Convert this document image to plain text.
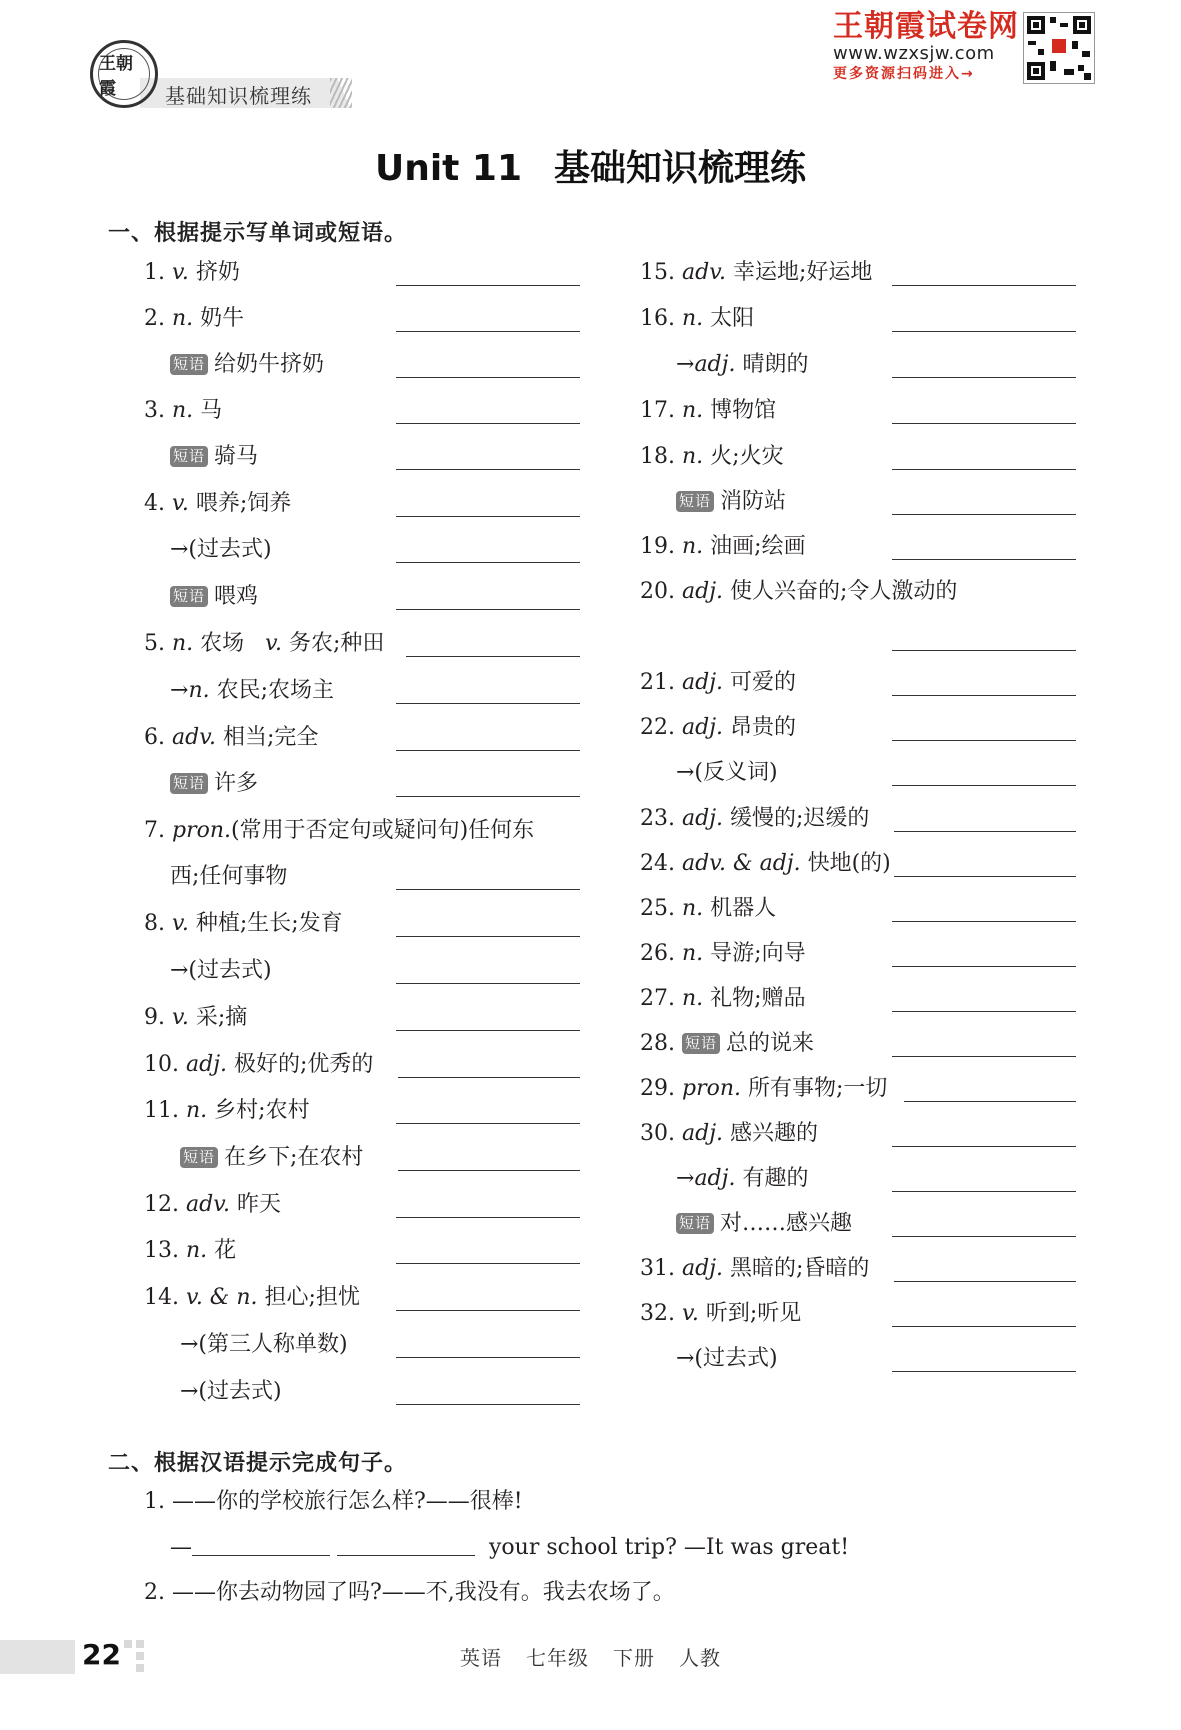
王朝霞	基础知识梳理练
王朝霞试卷网
www.wzxsjw.com
更多资源扫码进入→
Unit 11 基础知识梳理练
一、根据提示写单词或短语。
1. v. 挤奶
2. n. 奶牛
短语 给奶牛挤奶
3. n. 马
短语 骑马
4. v. 喂养;饲养
→(过去式)
短语 喂鸡
5. n. 农场 v. 务农;种田
→n. 农民;农场主
6. adv. 相当;完全
短语 许多
7. pron.(常用于否定句或疑问句)任何东
西;任何事物
8. v. 种植;生长;发育
→(过去式)
9. v. 采;摘
10. adj. 极好的;优秀的
11. n. 乡村;农村
短语 在乡下;在农村
12. adv. 昨天
13. n. 花
14. v. & n. 担心;担忧
→(第三人称单数)
→(过去式)
15. adv. 幸运地;好运地
16. n. 太阳
→adj. 晴朗的
17. n. 博物馆
18. n. 火;火灾
短语 消防站
19. n. 油画;绘画
20. adj. 使人兴奋的;令人激动的
21. adj. 可爱的
22. adj. 昂贵的
→(反义词)
23. adj. 缓慢的;迟缓的
24. adv. & adj. 快地(的)
25. n. 机器人
26. n. 导游;向导
27. n. 礼物;赠品
28. 短语 总的说来
29. pron. 所有事物;一切
30. adj. 感兴趣的
→adj. 有趣的
短语 对……感兴趣
31. adj. 黑暗的;昏暗的
32. v. 听到;听见
→(过去式)
二、根据汉语提示完成句子。
1. ——你的学校旅行怎么样?——很棒!
—	your school trip? —It was great!
2. ——你去动物园了吗?——不,我没有。我去农场了。
22	英语 七年级 下册 人教
